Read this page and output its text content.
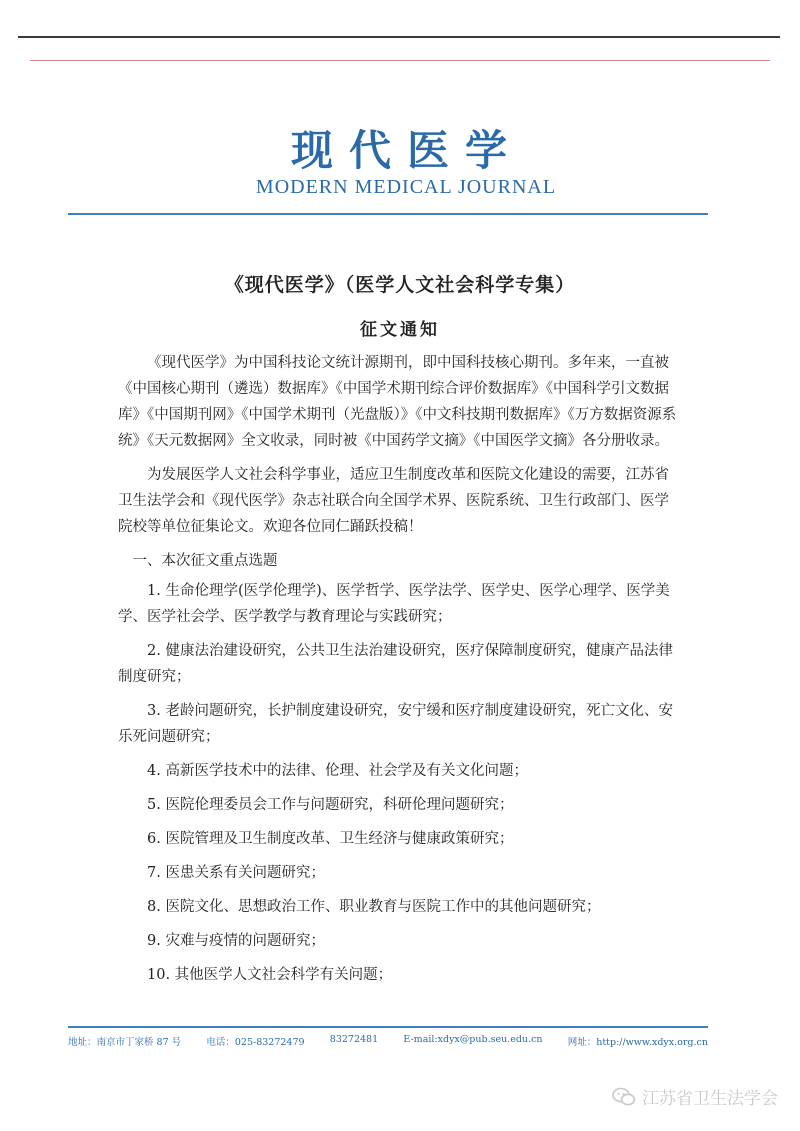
现代医学
MODERN MEDICAL JOURNAL
《现代医学》（医学人文社会科学专集）
征文通知

《现代医学》为中国科技论文统计源期刊，即中国科技核心期刊。多年来，一直被《中国核心期刊（遴选）数据库》《中国学术期刊综合评价数据库》《中国科学引文数据库》《中国期刊网》《中国学术期刊（光盘版）》《中文科技期刊数据库》《万方数据资源系统》《天元数据网》全文收录，同时被《中国药学文摘》《中国医学文摘》各分册收录。

为发展医学人文社会科学事业，适应卫生制度改革和医院文化建设的需要，江苏省卫生法学会和《现代医学》杂志社联合向全国学术界、医院系统、卫生行政部门、医学院校等单位征集论文。欢迎各位同仁踊跃投稿！

一、本次征文重点选题
1. 生命伦理学(医学伦理学)、医学哲学、医学法学、医学史、医学心理学、医学美学、医学社会学、医学教学与教育理论与实践研究；
2. 健康法治建设研究，公共卫生法治建设研究，医疗保障制度研究，健康产品法律制度研究；
3. 老龄问题研究，长护制度建设研究，安宁缓和医疗制度建设研究，死亡文化、安乐死问题研究；
4. 高新医学技术中的法律、伦理、社会学及有关文化问题；
5. 医院伦理委员会工作与问题研究，科研伦理问题研究；
6. 医院管理及卫生制度改革、卫生经济与健康政策研究；
7. 医患关系有关问题研究；
8. 医院文化、思想政治工作、职业教育与医院工作中的其他问题研究；
9. 灾难与疫情的问题研究；
10. 其他医学人文社会科学有关问题；
地址：南京市丁家桥 87 号	电话：025-83272479	83272481	E-mail:xdyx@pub.seu.edu.cn	网址：http://www.xdyx.org.cn
江苏省卫生法学会
